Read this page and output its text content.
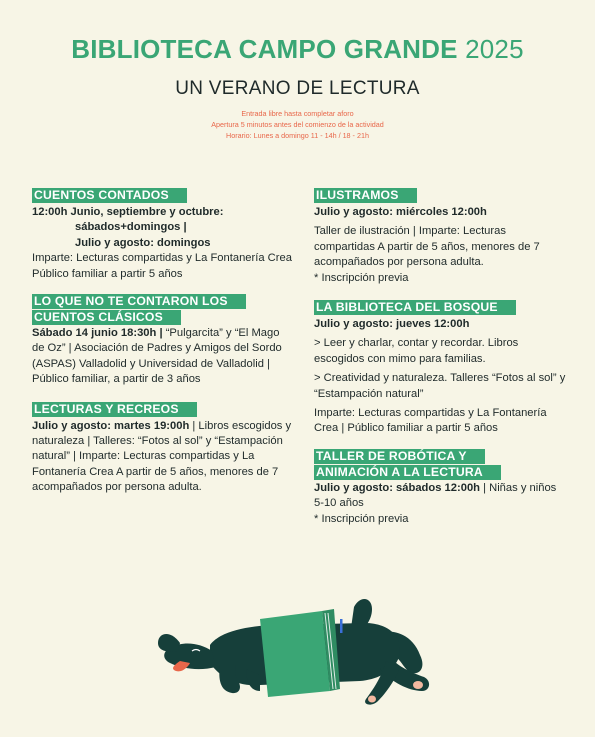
BIBLIOTECA CAMPO GRANDE 2025
UN VERANO DE LECTURA
Entrada libre hasta completar aforo
Apertura 5 minutos antes del comienzo de la actividad
Horario: Lunes a domingo 11 - 14h / 18 - 21h
CUENTOS CONTADOS

12:00h Junio, septiembre y octubre:

sábados+domingos |

Julio y agosto: domingos

Imparte: Lecturas compartidas y La Fontanería Crea

Público familiar a partir 5 años

LO QUE NO TE CONTARON LOS
CUENTOS CLÁSICOS

Sábado 14 junio 18:30h | “Pulgarcita” y “El Mago de Oz” | Asociación de Padres y Amigos del Sordo (ASPAS) Valladolid y Universidad de Valladolid | Público familiar, a partir de 3 años

LECTURAS Y RECREOS

Julio y agosto: martes 19:00h | Libros escogidos y naturaleza | Talleres: “Fotos al sol” y “Estampación natural” | Imparte: Lecturas compartidas y La Fontanería Crea A partir de 5 años, menores de 7 acompañados por persona adulta.

ILUSTRAMOS

Julio y agosto: miércoles 12:00h

Taller de ilustración | Imparte: Lecturas compartidas A partir de 5 años, menores de 7 acompañados por persona adulta.

* Inscripción previa

LA BIBLIOTECA DEL BOSQUE

Julio y agosto: jueves 12:00h

> Leer y charlar, contar y recordar. Libros escogidos con mimo para familias.

> Creatividad y naturaleza. Talleres “Fotos al sol” y “Estampación natural”

Imparte: Lecturas compartidas y La Fontanería Crea | Público familiar a partir 5 años

TALLER DE ROBÓTICA Y
ANIMACIÓN A LA LECTURA

Julio y agosto: sábados 12:00h | Niñas y niños 5-10 años

* Inscripción previa
